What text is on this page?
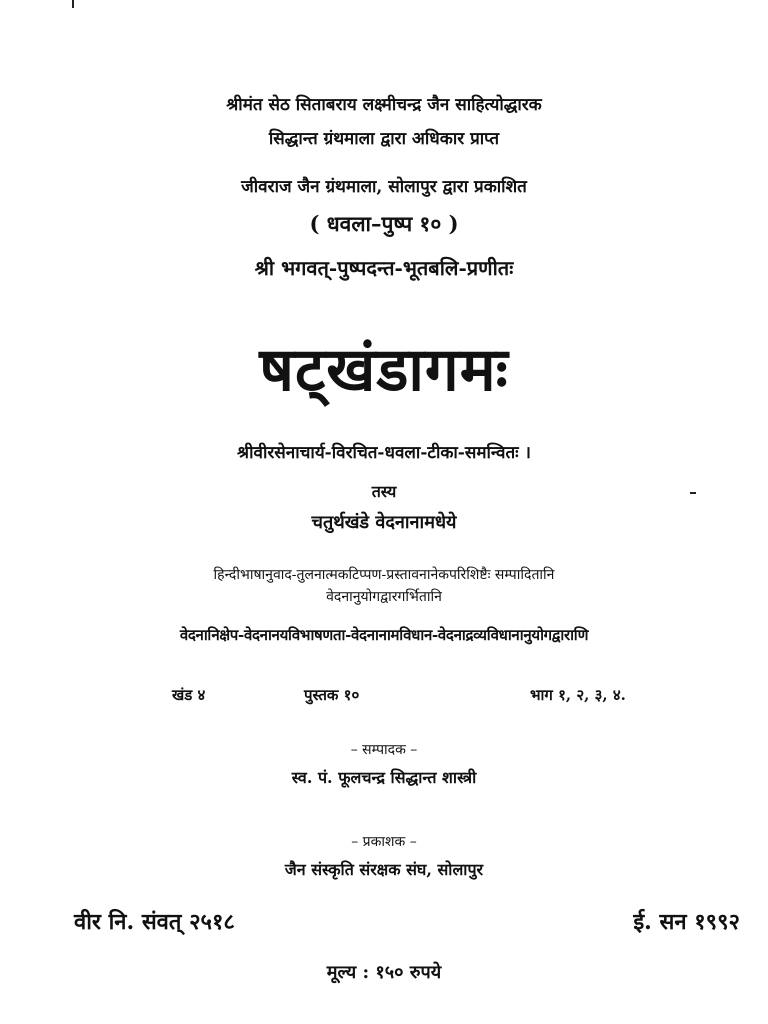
श्रीमंत सेठ सिताबराय लक्ष्मीचन्द्र जैन साहित्योद्धारक
सिद्धान्त ग्रंथमाला द्वारा अधिकार प्राप्त
जीवराज जैन ग्रंथमाला, सोलापुर द्वारा प्रकाशित
( धवला–पुष्प १० )
श्री भगवत्-पुष्पदन्त-भूतबलि-प्रणीतः
षट्खंडागमः
श्रीवीरसेनाचार्य-विरचित-धवला-टीका-समन्वितः ।
तस्य
चतुर्थखंडे वेदनानामधेये
हिन्दीभाषानुवाद-तुलनात्मकटिप्पण-प्रस्तावनानेकपरिशिष्टैः सम्पादितानि
वेदनानुयोगद्वारगर्भितानि
वेदनानिक्षेप-वेदनानयविभाषणता-वेदनानामविधान-वेदनाद्रव्यविधानानुयोगद्वाराणि
खंड ४	पुस्तक १०	भाग १, २, ३, ४.
– सम्पादक –
स्व. पं. फूलचन्द्र सिद्धान्त शास्त्री
– प्रकाशक –
जैन संस्कृति संरक्षक संघ, सोलापुर
वीर नि. संवत् २५१८	ई. सन १९९२
मूल्य : १५० रुपये
